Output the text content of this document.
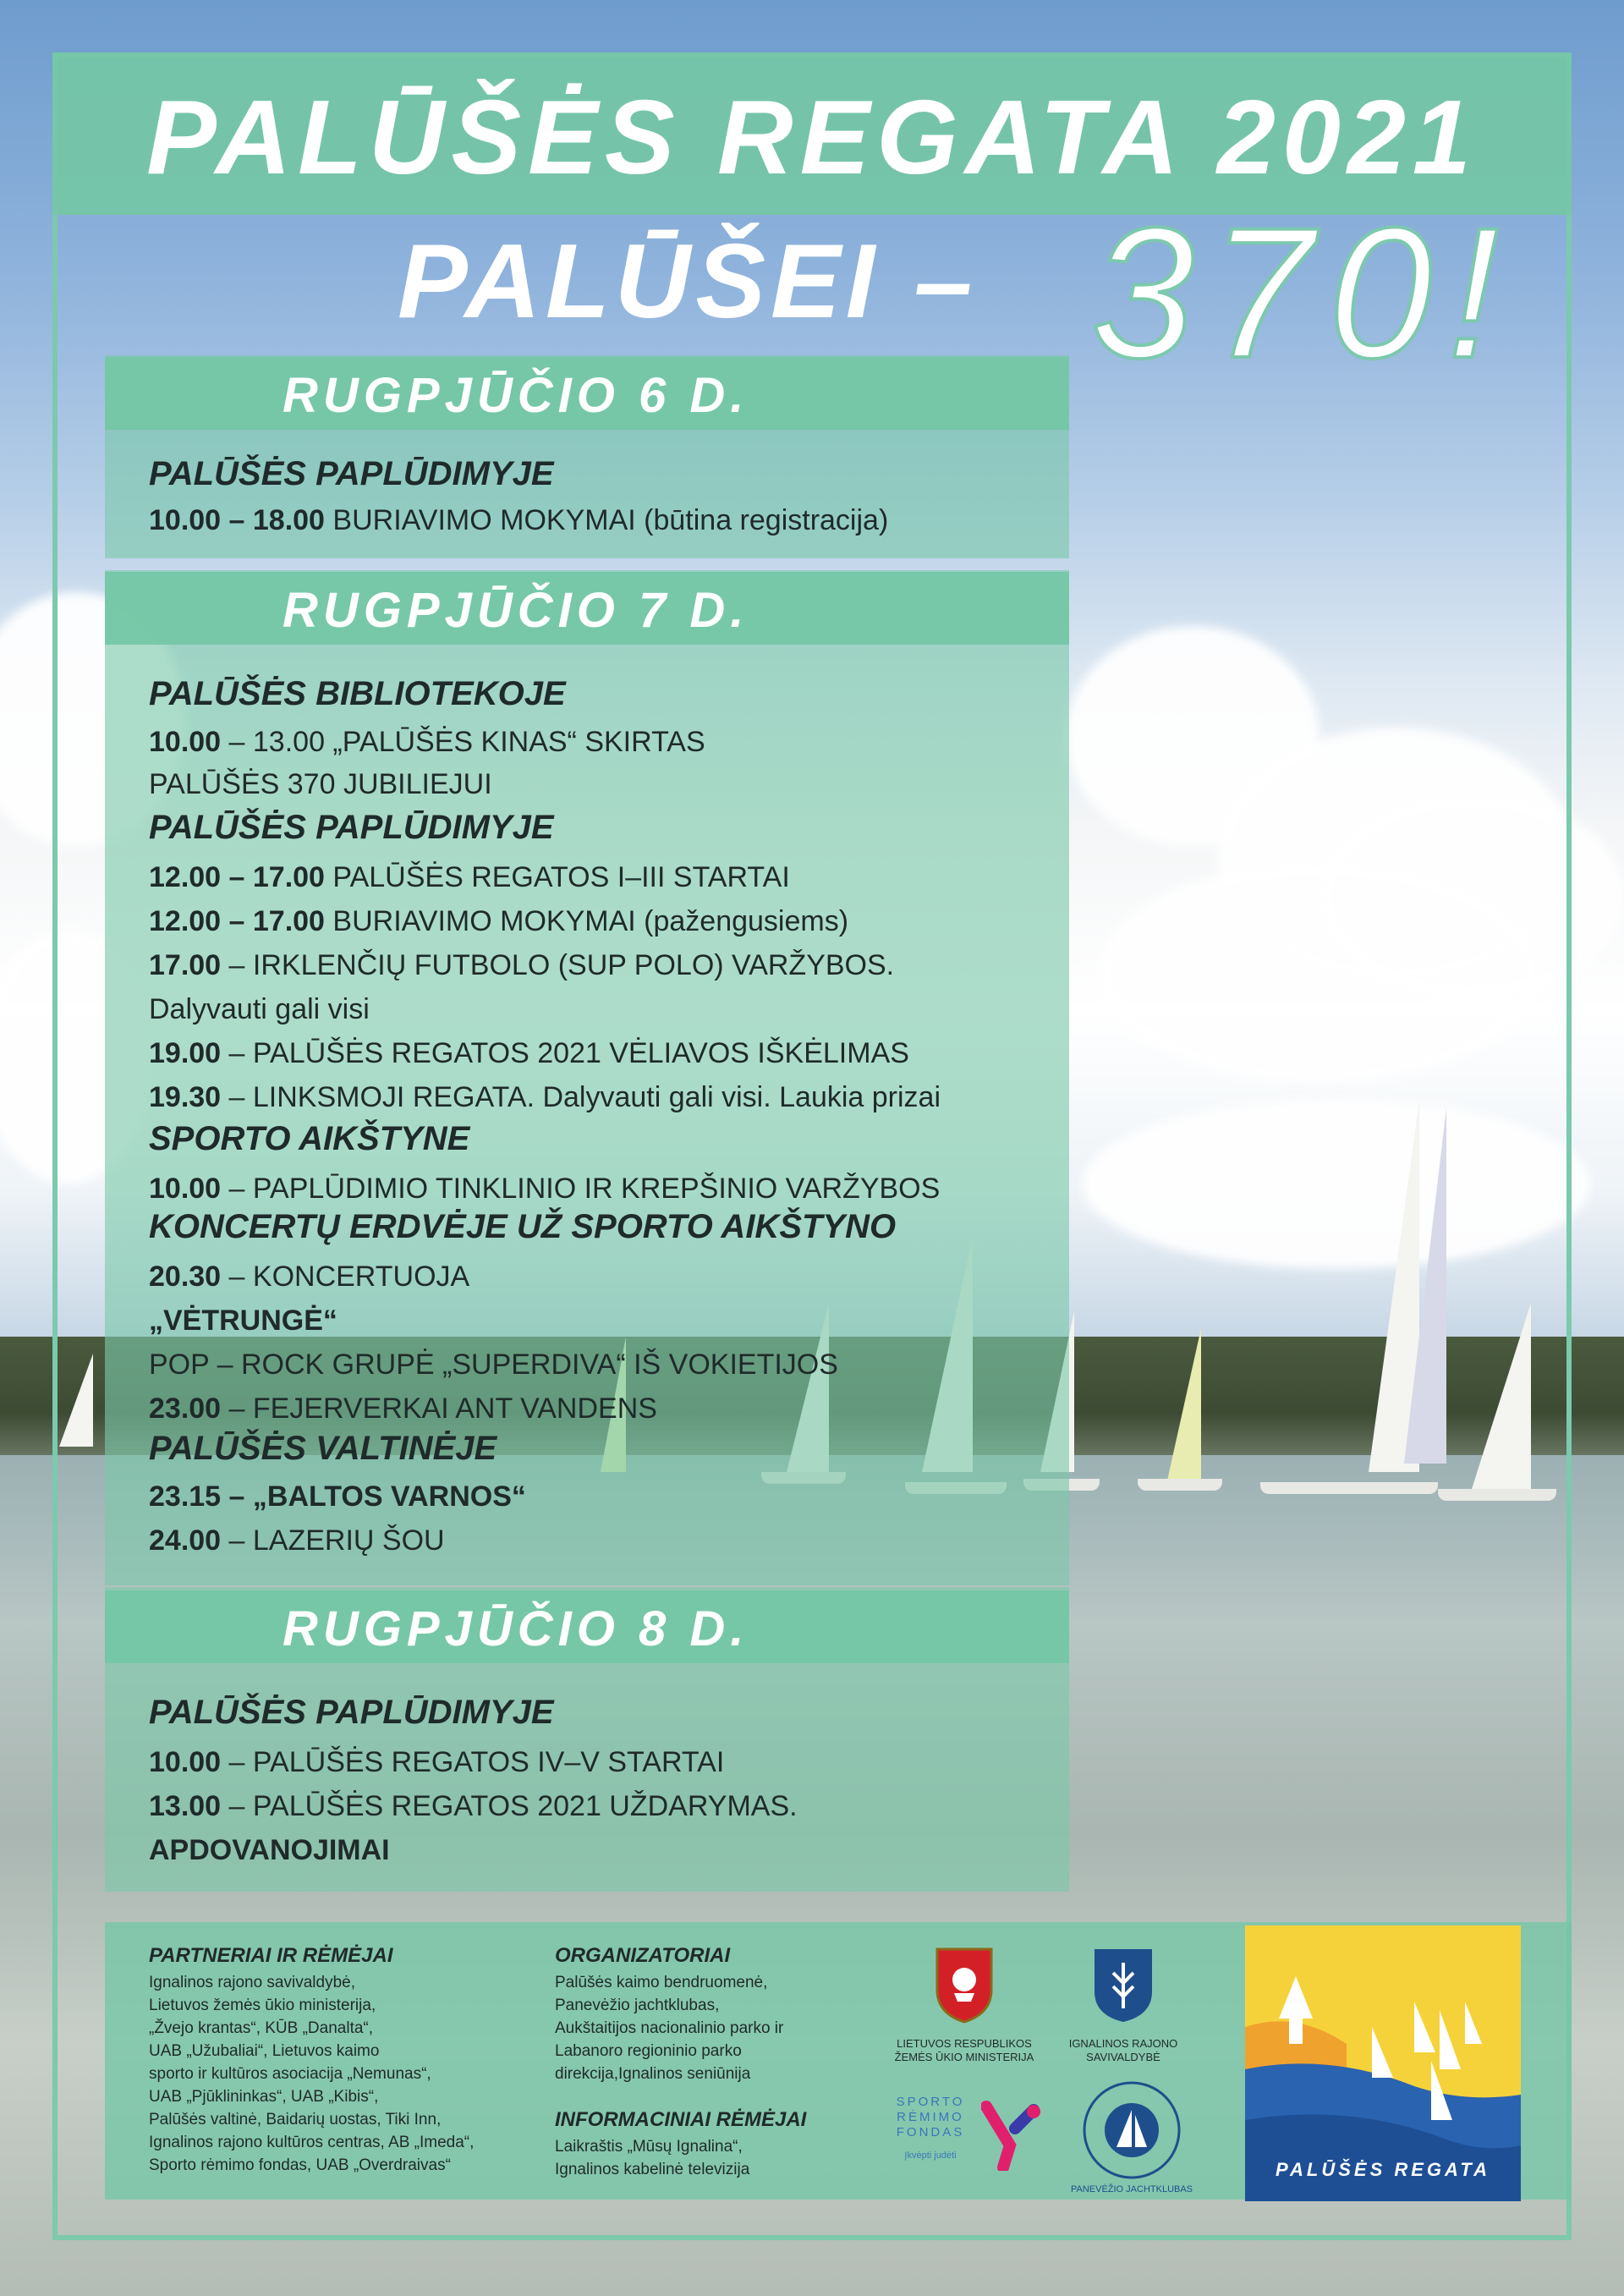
PALŪŠĖS REGATA 2021
PALŪŠEI – 370!
RUGPJŪČIO 6 D.
PALŪŠĖS PAPLŪDIMYJE
10.00 – 18.00 BURIAVIMO MOKYMAI (būtina registracija)
RUGPJŪČIO 7 D.
PALŪŠĖS BIBLIOTEKOJE
10.00 – 13.00 „PALŪŠĖS KINAS“ SKIRTAS
PALŪŠĖS 370 JUBILIEJUI
PALŪŠĖS PAPLŪDIMYJE
12.00 – 17.00 PALŪŠĖS REGATOS I–III STARTAI
12.00 – 17.00 BURIAVIMO MOKYMAI (pažengusiems)
17.00 – IRKLENČIŲ FUTBOLO (SUP POLO) VARŽYBOS.
Dalyvauti gali visi
19.00 – PALŪŠĖS REGATOS 2021 VĖLIAVOS IŠKĖLIMAS
19.30 – LINKSMOJI REGATA. Dalyvauti gali visi. Laukia prizai
SPORTO AIKŠTYNE
10.00 – PAPLŪDIMIO TINKLINIO IR KREPŠINIO VARŽYBOS
KONCERTŲ ERDVĖJE UŽ SPORTO AIKŠTYNO
20.30 – KONCERTUOJA
„VĖTRUNGĖ“
POP – ROCK GRUPĖ „SUPERDIVA“ IŠ VOKIETIJOS
23.00 – FEJERVERKAI ANT VANDENS
PALŪŠĖS VALTINĖJE
23.15 – „BALTOS VARNOS“
24.00 – LAZERIŲ ŠOU
RUGPJŪČIO 8 D.
PALŪŠĖS PAPLŪDIMYJE
10.00 – PALŪŠĖS REGATOS IV–V STARTAI
13.00 – PALŪŠĖS REGATOS 2021 UŽDARYMAS.
APDOVANOJIMAI
PARTNERIAI IR RĖMĖJAI
Ignalinos rajono savivaldybė,
Lietuvos žemės ūkio ministerija,
„Žvejo krantas“, KŪB „Danalta“,
UAB „Užubaliai“, Lietuvos kaimo
sporto ir kultūros asociacija „Nemunas“,
UAB „Pjūklininkas“, UAB „Kibis“,
Palūšės valtinė, Baidarių uostas, Tiki Inn,
Ignalinos rajono kultūros centras, AB „Imeda“,
Sporto rėmimo fondas, UAB „Overdraivas“
ORGANIZATORIAI
Palūšės kaimo bendruomenė,
Panevėžio jachtklubas,
Aukštaitijos nacionalinio parko ir
Labanoro regioninio parko
direkcija,Ignalinos seniūnija
INFORMACINIAI RĖMĖJAI
Laikraštis „Mūsų Ignalina“,
Ignalinos kabelinė televizija
LIETUVOS RESPUBLIKOS
ŽEMĖS ŪKIO MINISTERIJA
IGNALINOS RAJONO
SAVIVALDYBĖ
SPORTO
RĖMIMO
FONDAS
Įkvėpti judėti
PANEVĖŽIO JACHTKLUBAS
PALŪŠĖS REGATA
